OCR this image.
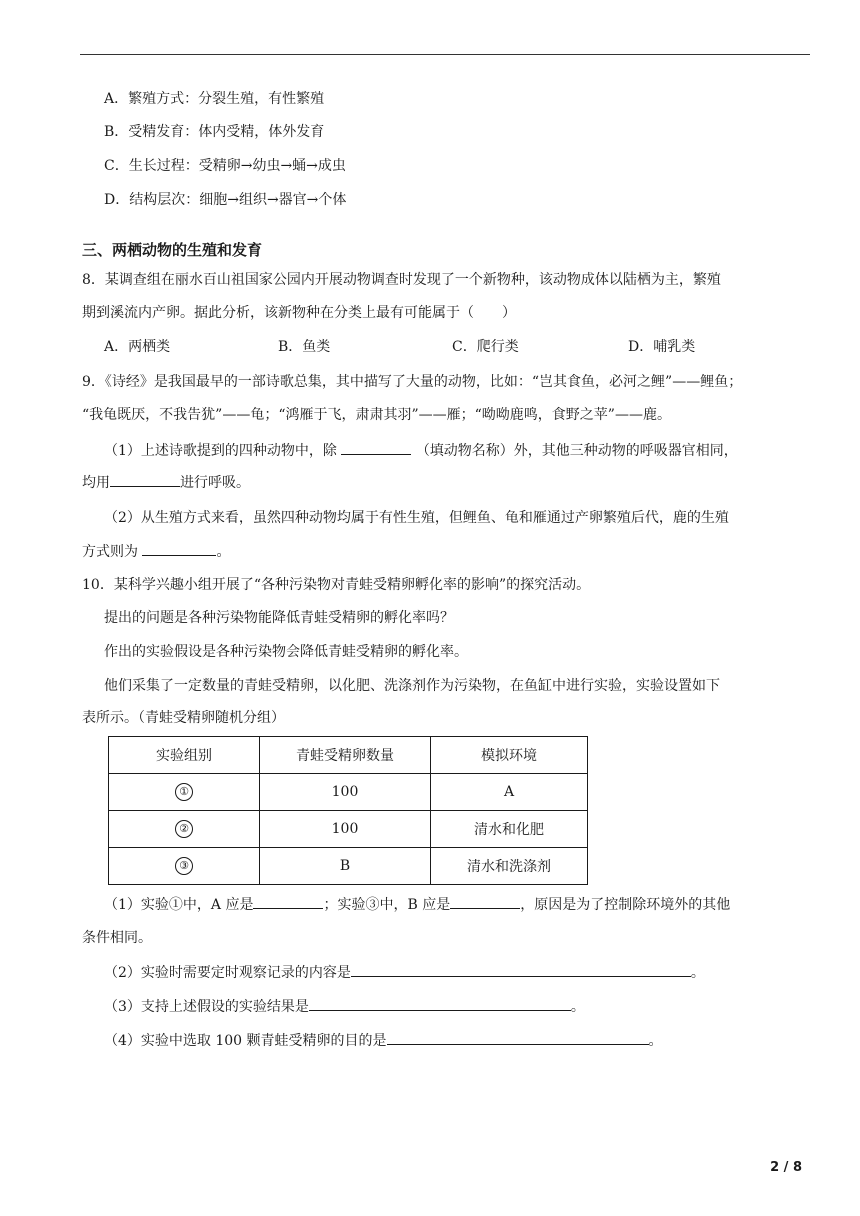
A．繁殖方式：分裂生殖，有性繁殖
B．受精发育：体内受精，体外发育
C．生长过程：受精卵→幼虫→蛹→成虫
D．结构层次：细胞→组织→器官→个体
三、两栖动物的生殖和发育
8．某调查组在丽水百山祖国家公园内开展动物调查时发现了一个新物种，该动物成体以陆栖为主，繁殖
期到溪流内产卵。据此分析，该新物种在分类上最有可能属于（　　）
A．两栖类	B．鱼类	C．爬行类	D．哺乳类
9．《诗经》是我国最早的一部诗歌总集，其中描写了大量的动物，比如：“岂其食鱼，必河之鲤”——鲤鱼；
“我龟既厌，不我告犹”——龟；“鸿雁于飞，肃肃其羽”——雁；“呦呦鹿鸣，食野之苹”——鹿。
（1）上述诗歌提到的四种动物中，除	（填动物名称）外，其他三种动物的呼吸器官相同，
均用	进行呼吸。
（2）从生殖方式来看，虽然四种动物均属于有性生殖，但鲤鱼、龟和雁通过产卵繁殖后代，鹿的生殖
方式则为	。
10．某科学兴趣小组开展了“各种污染物对青蛙受精卵孵化率的影响”的探究活动。
提出的问题是各种污染物能降低青蛙受精卵的孵化率吗？
作出的实验假设是各种污染物会降低青蛙受精卵的孵化率。
他们采集了一定数量的青蛙受精卵，以化肥、洗涤剂作为污染物，在鱼缸中进行实验，实验设置如下
表所示。（青蛙受精卵随机分组）
实验组别	青蛙受精卵数量	模拟环境
①	100	A
②	100	清水和化肥
③	B	清水和洗涤剂
（1）实验①中，A 应是	；实验③中，B 应是	，原因是为了控制除环境外的其他
条件相同。
（2）实验时需要定时观察记录的内容是	。
（3）支持上述假设的实验结果是	。
（4）实验中选取 100 颗青蛙受精卵的目的是	。
2 / 8
